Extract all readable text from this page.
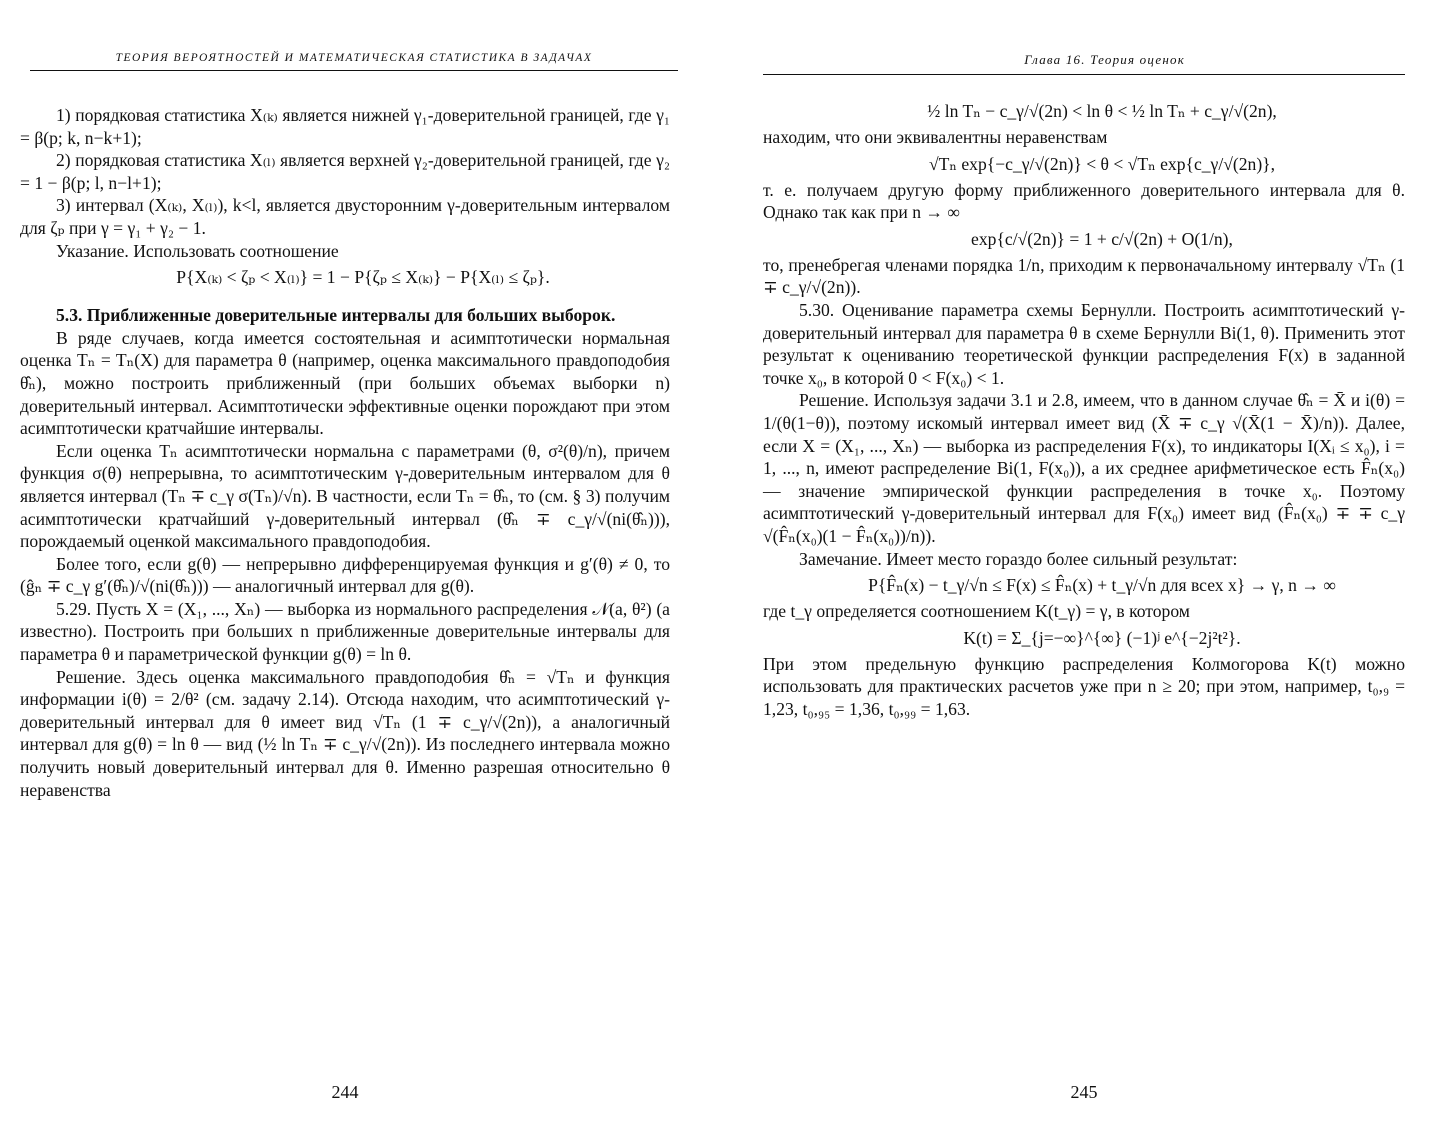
ТЕОРИЯ ВЕРОЯТНОСТЕЙ И МАТЕМАТИЧЕСКАЯ СТАТИСТИКА В ЗАДАЧАХ

1) порядковая статистика X₍ₖ₎ является нижней γ₁-доверительной границей, где γ₁ = β(p; k, n−k+1);

2) порядковая статистика X₍ₗ₎ является верхней γ₂-доверительной границей, где γ₂ = 1 − β(p; l, n−l+1);

3) интервал (X₍ₖ₎, X₍ₗ₎), k<l, является двусторонним γ-доверительным интервалом для ζₚ при γ = γ₁ + γ₂ − 1.

Указание. Использовать соотношение

P{X₍ₖ₎ < ζₚ < X₍ₗ₎} = 1 − P{ζₚ ≤ X₍ₖ₎} − P{X₍ₗ₎ ≤ ζₚ}.

5.3. Приближенные доверительные интервалы для больших выборок.

В ряде случаев, когда имеется состоятельная и асимптотически нормальная оценка Tₙ = Tₙ(X) для параметра θ (например, оценка максимального правдоподобия θ̂ₙ), можно построить приближенный (при больших объемах выборки n) доверительный интервал. Асимптотически эффективные оценки порождают при этом асимптотически кратчайшие интервалы.

Если оценка Tₙ асимптотически нормальна с параметрами (θ, σ²(θ)/n), причем функция σ(θ) непрерывна, то асимптотическим γ-доверительным интервалом для θ является интервал (Tₙ ∓ c_γ σ(Tₙ)/√n). В частности, если Tₙ = θ̂ₙ, то (см. § 3) получим асимптотически кратчайший γ-доверительный интервал (θ̂ₙ ∓ c_γ/√(ni(θ̂ₙ))), порождаемый оценкой максимального правдоподобия.

Более того, если g(θ) — непрерывно дифференцируемая функция и g′(θ) ≠ 0, то (ĝₙ ∓ c_γ g′(θ̂ₙ)/√(ni(θ̂ₙ))) — аналогичный интервал для g(θ).

5.29. Пусть X = (X₁, ..., Xₙ) — выборка из нормального распределения 𝒩(a, θ²) (a известно). Построить при больших n приближенные доверительные интервалы для параметра θ и параметрической функции g(θ) = ln θ.

Решение. Здесь оценка максимального правдоподобия θ̂ₙ = √Tₙ и функция информации i(θ) = 2/θ² (см. задачу 2.14). Отсюда находим, что асимптотический γ-доверительный интервал для θ имеет вид √Tₙ (1 ∓ c_γ/√(2n)), а аналогичный интервал для g(θ) = ln θ — вид (½ ln Tₙ ∓ c_γ/√(2n)). Из последнего интервала можно получить новый доверительный интервал для θ. Именно разрешая относительно θ неравенства

244
Глава 16. Теория оценок

½ ln Tₙ − c_γ/√(2n) < ln θ < ½ ln Tₙ + c_γ/√(2n),

находим, что они эквивалентны неравенствам

√Tₙ exp{−c_γ/√(2n)} < θ < √Tₙ exp{c_γ/√(2n)},

т. е. получаем другую форму приближенного доверительного интервала для θ. Однако так как при n → ∞

exp{c/√(2n)} = 1 + c/√(2n) + O(1/n),

то, пренебрегая членами порядка 1/n, приходим к первоначальному интервалу √Tₙ (1 ∓ c_γ/√(2n)).

5.30. Оценивание параметра схемы Бернулли. Построить асимптотический γ-доверительный интервал для параметра θ в схеме Бернулли Bi(1, θ). Применить этот результат к оцениванию теоретической функции распределения F(x) в заданной точке x₀, в которой 0 < F(x₀) < 1.

Решение. Используя задачи 3.1 и 2.8, имеем, что в данном случае θ̂ₙ = X̄ и i(θ) = 1/(θ(1−θ)), поэтому искомый интервал имеет вид (X̄ ∓ c_γ √(X̄(1 − X̄)/n)). Далее, если X = (X₁, ..., Xₙ) — выборка из распределения F(x), то индикаторы I(Xᵢ ≤ x₀), i = 1, ..., n, имеют распределение Bi(1, F(x₀)), а их среднее арифметическое есть F̂ₙ(x₀) — значение эмпирической функции распределения в точке x₀. Поэтому асимптотический γ-доверительный интервал для F(x₀) имеет вид (F̂ₙ(x₀) ∓ ∓ c_γ √(F̂ₙ(x₀)(1 − F̂ₙ(x₀))/n)).

Замечание. Имеет место гораздо более сильный результат:

P{F̂ₙ(x) − t_γ/√n ≤ F(x) ≤ F̂ₙ(x) + t_γ/√n для всех x} → γ, n → ∞

где t_γ определяется соотношением K(t_γ) = γ, в котором

K(t) = Σ_{j=−∞}^{∞} (−1)ʲ e^{−2j²t²}.

При этом предельную функцию распределения Колмогорова K(t) можно использовать для практических расчетов уже при n ≥ 20; при этом, например, t₀,₉ = 1,23, t₀,₉₅ = 1,36, t₀,₉₉ = 1,63.

245
